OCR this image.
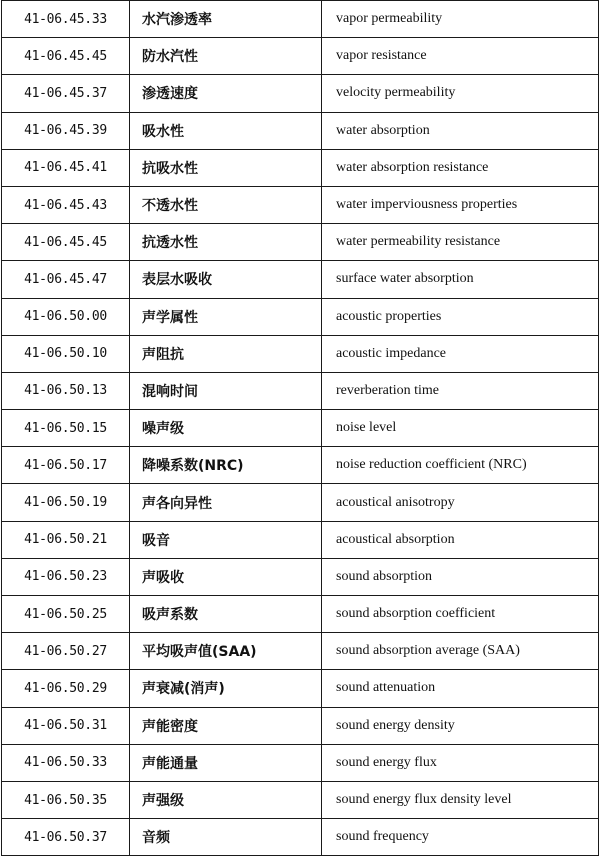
41-06.45.33	水汽渗透率	vapor permeability
41-06.45.45	防水汽性	vapor resistance
41-06.45.37	渗透速度	velocity permeability
41-06.45.39	吸水性	water absorption
41-06.45.41	抗吸水性	water absorption resistance
41-06.45.43	不透水性	water imperviousness properties
41-06.45.45	抗透水性	water permeability resistance
41-06.45.47	表层水吸收	surface water absorption
41-06.50.00	声学属性	acoustic properties
41-06.50.10	声阻抗	acoustic impedance
41-06.50.13	混响时间	reverberation time
41-06.50.15	噪声级	noise level
41-06.50.17	降噪系数(NRC)	noise reduction coefficient (NRC)
41-06.50.19	声各向异性	acoustical anisotropy
41-06.50.21	吸音	acoustical absorption
41-06.50.23	声吸收	sound absorption
41-06.50.25	吸声系数	sound absorption coefficient
41-06.50.27	平均吸声值(SAA)	sound absorption average (SAA)
41-06.50.29	声衰减(消声)	sound attenuation
41-06.50.31	声能密度	sound energy density
41-06.50.33	声能通量	sound energy flux
41-06.50.35	声强级	sound energy flux density level
41-06.50.37	音频	sound frequency
